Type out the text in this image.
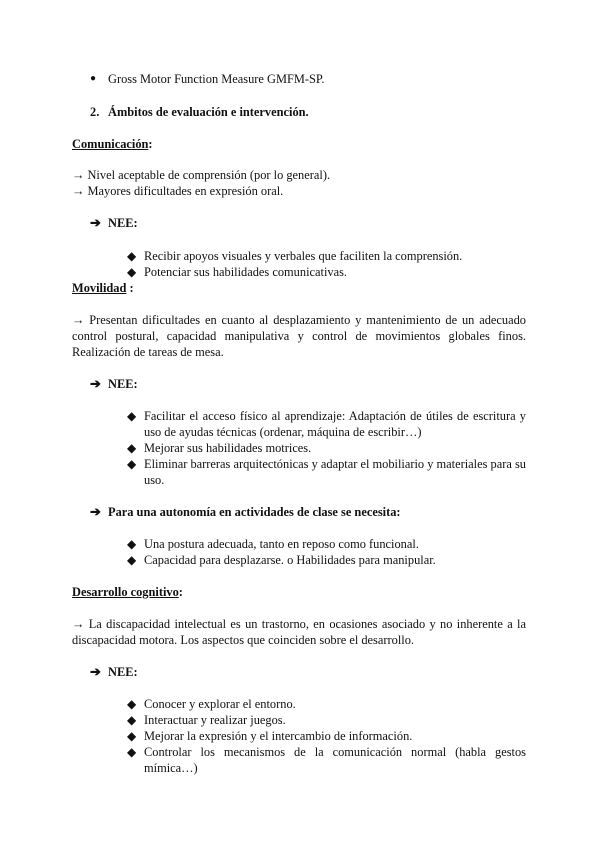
● Gross Motor Function Measure GMFM-SP.
2. Ámbitos de evaluación e intervención.
Comunicación:
→ Nivel aceptable de comprensión (por lo general).
→ Mayores dificultades en expresión oral.
➔ NEE:
◆ Recibir apoyos visuales y verbales que faciliten la comprensión.
◆ Potenciar sus habilidades comunicativas.
Movilidad :
→ Presentan dificultades en cuanto al desplazamiento y mantenimiento de un adecuado
control postural, capacidad manipulativa y control de movimientos globales finos.
Realización de tareas de mesa.
➔ NEE:
◆ Facilitar el acceso físico al aprendizaje: Adaptación de útiles de escritura y
uso de ayudas técnicas (ordenar, máquina de escribir…)
◆ Mejorar sus habilidades motrices.
◆ Eliminar barreras arquitectónicas y adaptar el mobiliario y materiales para su
uso.
➔ Para una autonomía en actividades de clase se necesita:
◆ Una postura adecuada, tanto en reposo como funcional.
◆ Capacidad para desplazarse. o Habilidades para manipular.
Desarrollo cognitivo:
→ La discapacidad intelectual es un trastorno, en ocasiones asociado y no inherente a la
discapacidad motora. Los aspectos que coinciden sobre el desarrollo.
➔ NEE:
◆ Conocer y explorar el entorno.
◆ Interactuar y realizar juegos.
◆ Mejorar la expresión y el intercambio de información.
◆ Controlar los mecanismos de la comunicación normal (habla gestos
mímica…)
